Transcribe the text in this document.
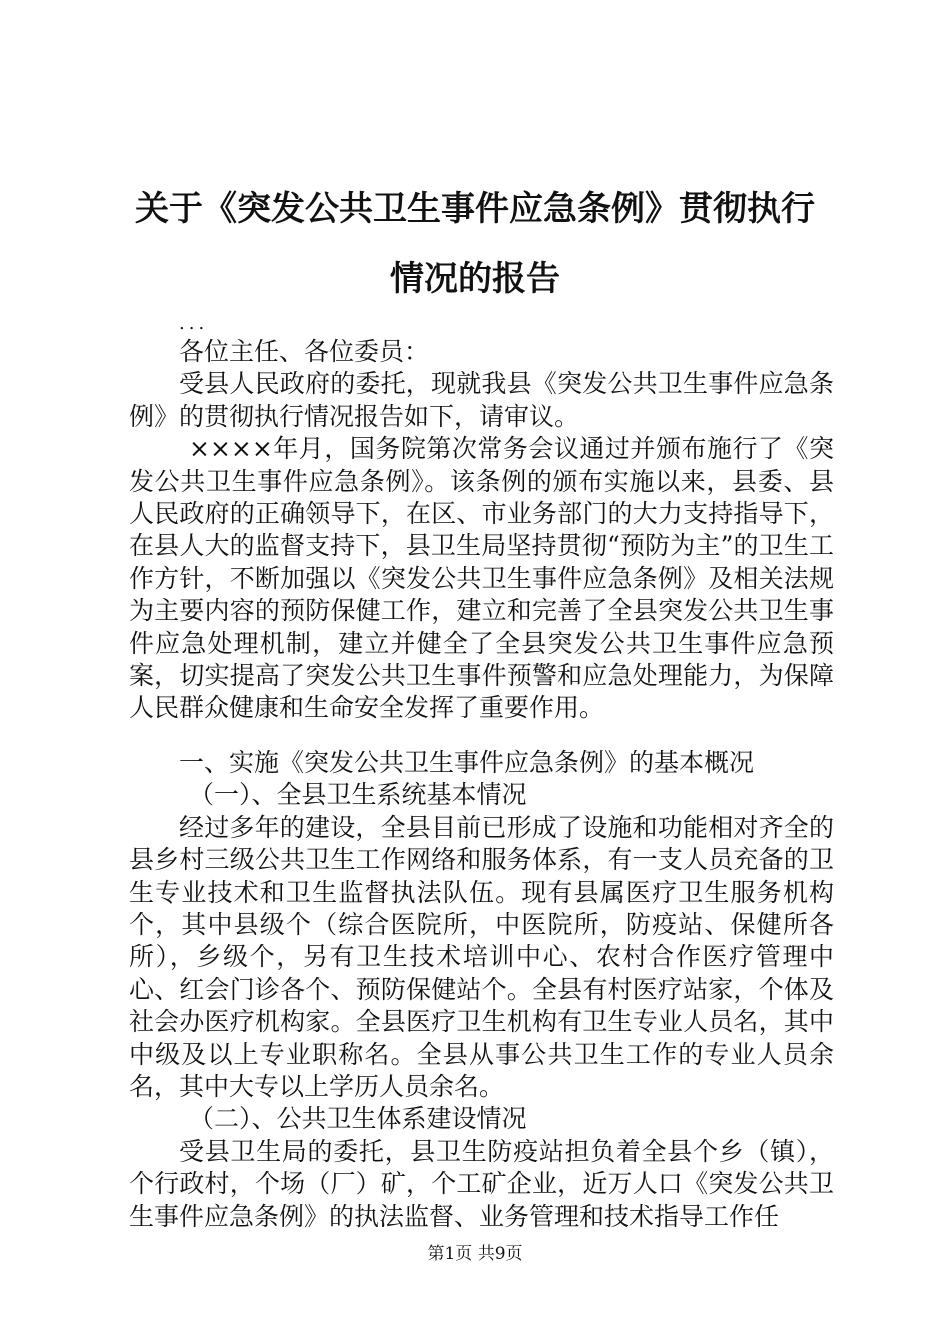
关于《突发公共卫生事件应急条例》贯彻执行
情况的报告

...

各位主任、各位委员：

受县人民政府的委托，现就我县《突发公共卫生事件应急条例》的贯彻执行情况报告如下，请审议。

××××年月，国务院第次常务会议通过并颁布施行了《突发公共卫生事件应急条例》。该条例的颁布实施以来，县委、县人民政府的正确领导下，在区、市业务部门的大力支持指导下，在县人大的监督支持下，县卫生局坚持贯彻“预防为主”的卫生工作方针，不断加强以《突发公共卫生事件应急条例》及相关法规为主要内容的预防保健工作，建立和完善了全县突发公共卫生事件应急处理机制，建立并健全了全县突发公共卫生事件应急预案，切实提高了突发公共卫生事件预警和应急处理能力，为保障人民群众健康和生命安全发挥了重要作用。

一、实施《突发公共卫生事件应急条例》的基本概况

（一）、全县卫生系统基本情况

经过多年的建设，全县目前已形成了设施和功能相对齐全的县乡村三级公共卫生工作网络和服务体系，有一支人员充备的卫生专业技术和卫生监督执法队伍。现有县属医疗卫生服务机构个，其中县级个（综合医院所，中医院所，防疫站、保健所各所），乡级个，另有卫生技术培训中心、农村合作医疗管理中心、红会门诊各个、预防保健站个。全县有村医疗站家，个体及社会办医疗机构家。全县医疗卫生机构有卫生专业人员名，其中中级及以上专业职称名。全县从事公共卫生工作的专业人员余名，其中大专以上学历人员余名。

（二）、公共卫生体系建设情况

受县卫生局的委托，县卫生防疫站担负着全县个乡（镇），个行政村，个场（厂）矿，个工矿企业，近万人口《突发公共卫生事件应急条例》的执法监督、业务管理和技术指导工作任

第1页 共9页
